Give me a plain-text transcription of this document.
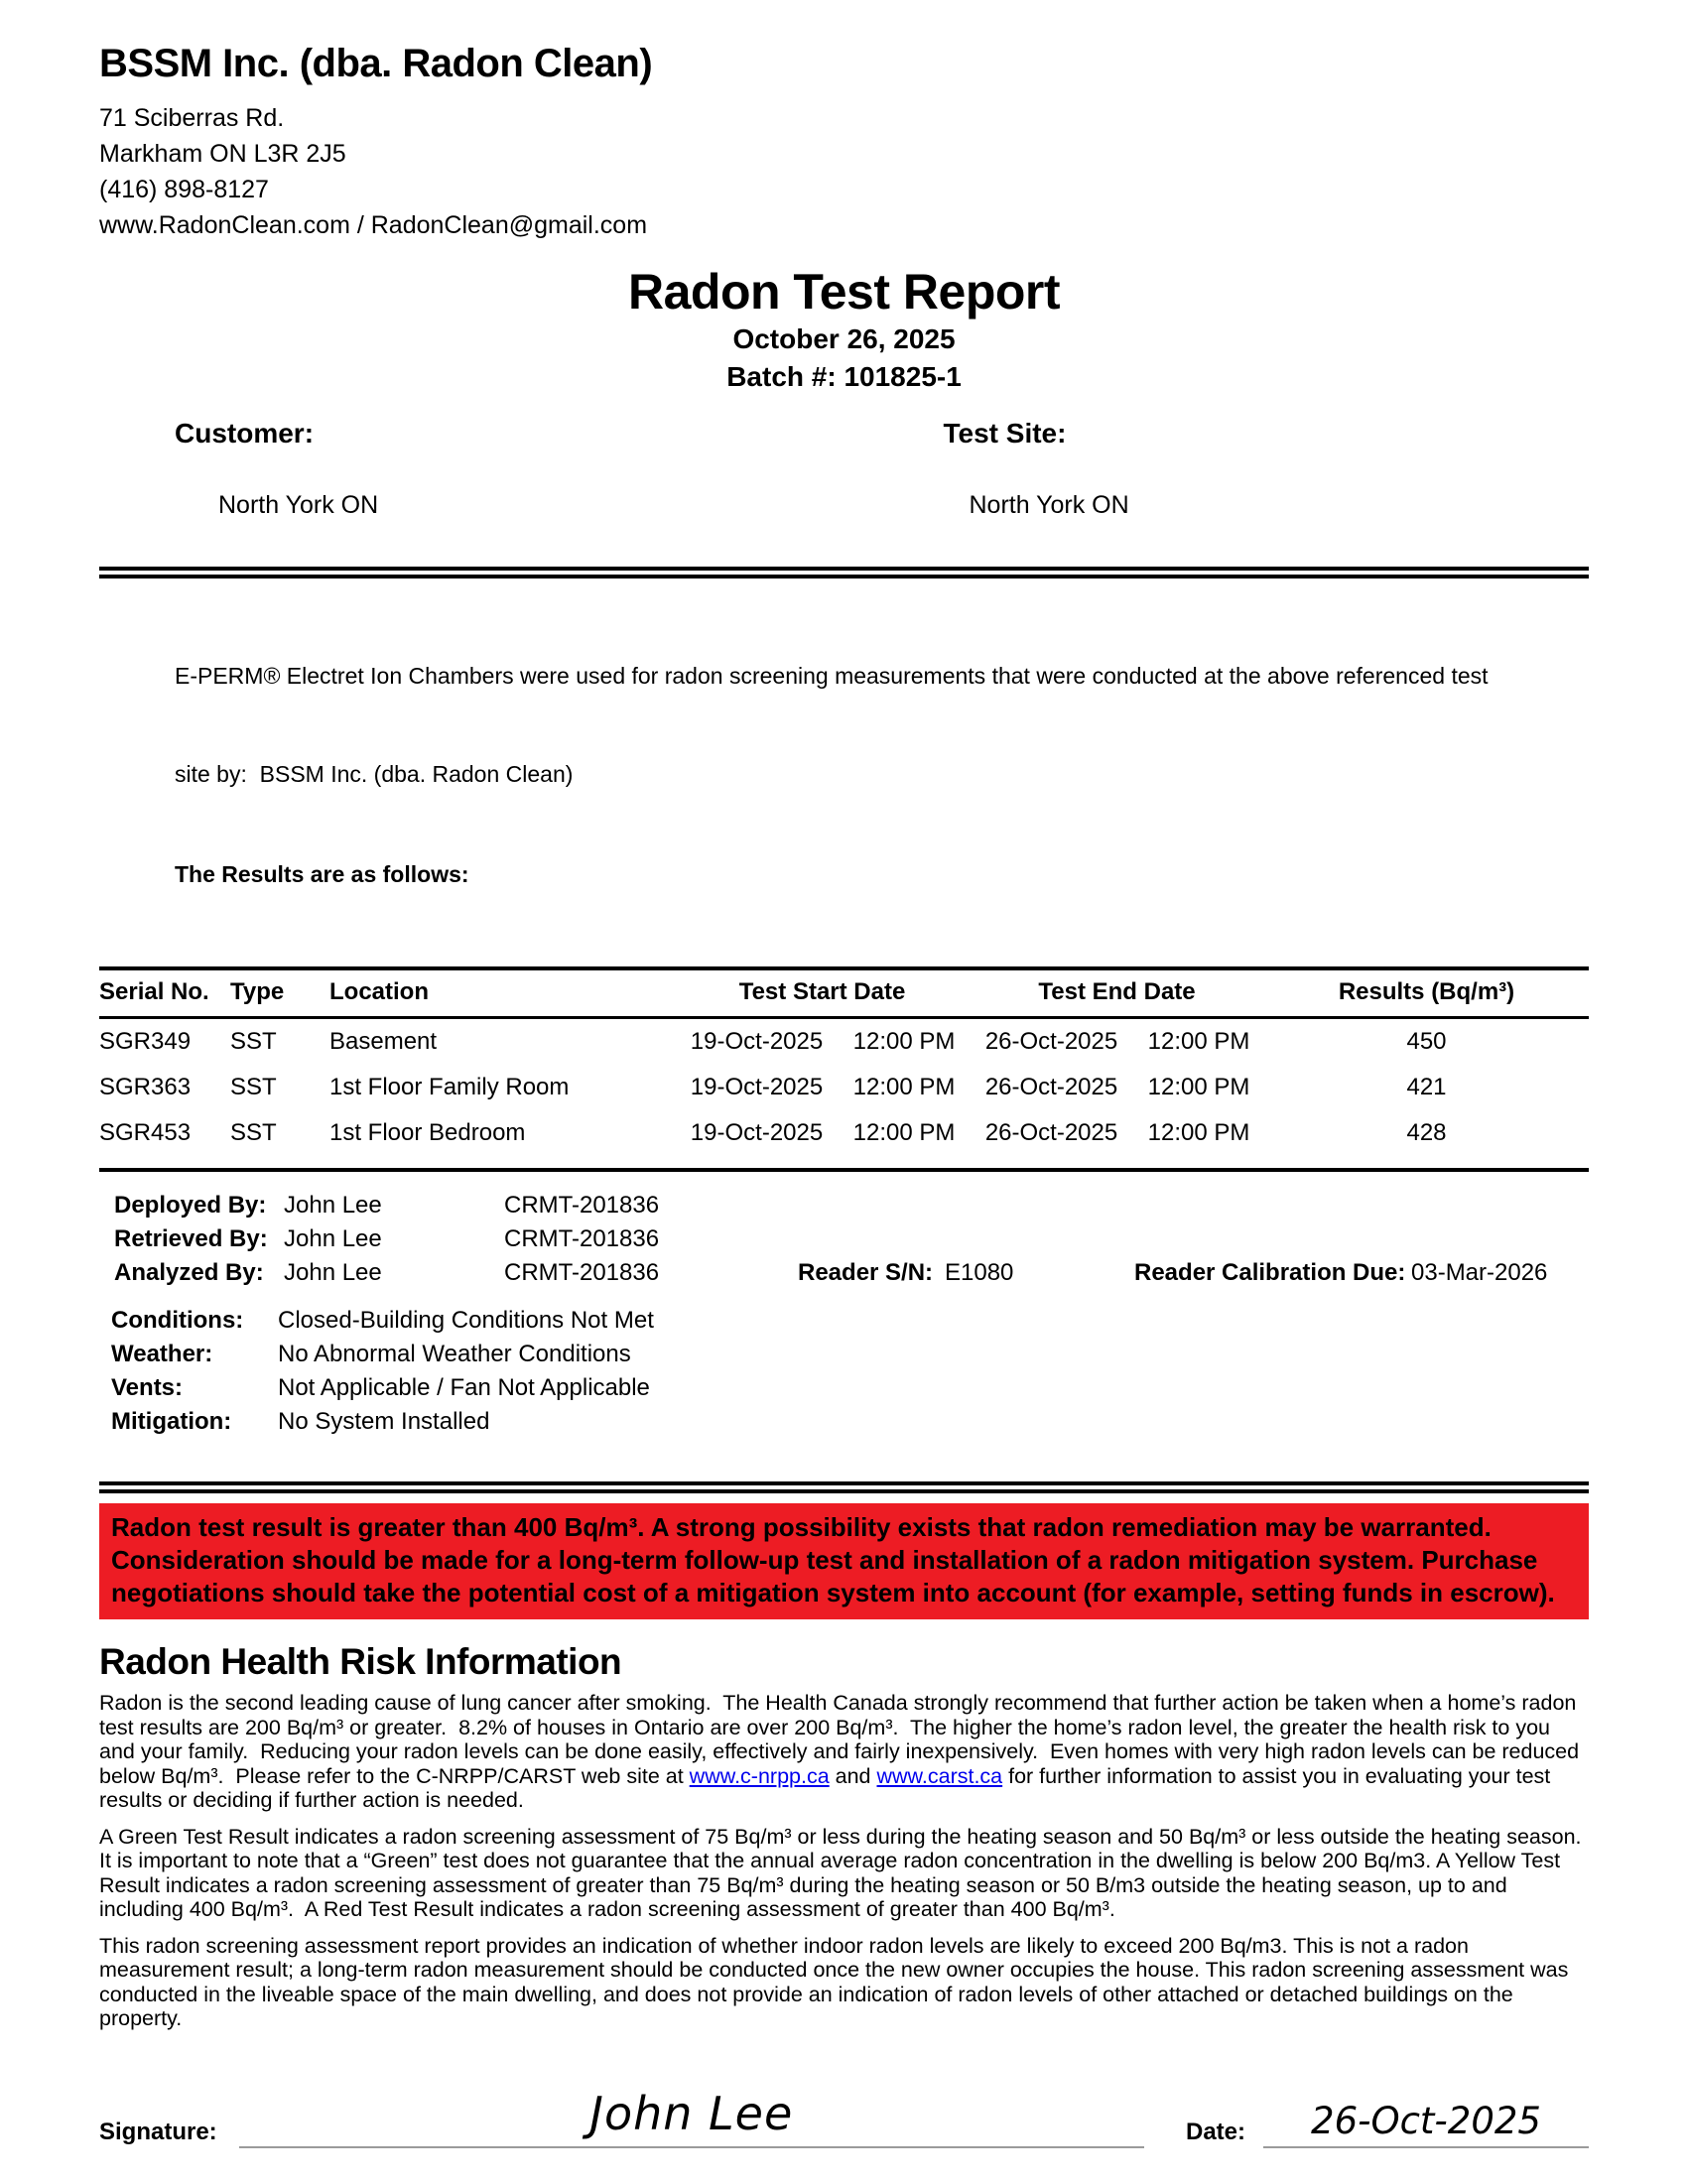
BSSM Inc. (dba. Radon Clean)
71 Sciberras Rd.
Markham ON L3R 2J5
(416) 898-8127
www.RadonClean.com / RadonClean@gmail.com
Radon Test Report
October 26, 2025
Batch #: 101825-1
Customer:
North York ON
Test Site:
North York ON

E-PERM® Electret Ion Chambers were used for radon screening measurements that were conducted at the above referenced test

site by:  BSSM Inc. (dba. Radon Clean)

The Results are as follows:

Serial No.	Type	Location	Test Start Date		Test End Date		Results (Bq/m³)
SGR349	SST	Basement	19-Oct-2025	12:00 PM	26-Oct-2025	12:00 PM	450
SGR363	SST	1st Floor Family Room	19-Oct-2025	12:00 PM	26-Oct-2025	12:00 PM	421
SGR453	SST	1st Floor Bedroom	19-Oct-2025	12:00 PM	26-Oct-2025	12:00 PM	428
Deployed By: John Lee	CRMT-201836
Retrieved By: John Lee	CRMT-201836
Analyzed By: John Lee	CRMT-201836	Reader S/N: E1080	Reader Calibration Due: 03-Mar-2026
Conditions: Closed-Building Conditions Not Met
Weather:	No Abnormal Weather Conditions
Vents:	Not Applicable / Fan Not Applicable
Mitigation: No System Installed
Radon test result is greater than 400 Bq/m³. A strong possibility exists that radon remediation may be warranted. Consideration should be made for a long-term follow-up test and installation of a radon mitigation system. Purchase negotiations should take the potential cost of a mitigation system into account (for example, setting funds in escrow).
Radon Health Risk Information

Radon is the second leading cause of lung cancer after smoking.  The Health Canada strongly recommend that further action be taken when a home’s radon test results are 200 Bq/m³ or greater.  8.2% of houses in Ontario are over 200 Bq/m³.  The higher the home’s radon level, the greater the health risk to you and your family.  Reducing your radon levels can be done easily, effectively and fairly inexpensively.  Even homes with very high radon levels can be reduced below Bq/m³.  Please refer to the C-NRPP/CARST web site at www.c-nrpp.ca and www.carst.ca for further information to assist you in evaluating your test results or deciding if further action is needed.

A Green Test Result indicates a radon screening assessment of 75 Bq/m³ or less during the heating season and 50 Bq/m³ or less outside the heating season. It is important to note that a “Green” test does not guarantee that the annual average radon concentration in the dwelling is below 200 Bq/m3. A Yellow Test Result indicates a radon screening assessment of greater than 75 Bq/m³ during the heating season or 50 B/m3 outside the heating season, up to and including 400 Bq/m³.  A Red Test Result indicates a radon screening assessment of greater than 400 Bq/m³.

This radon screening assessment report provides an indication of whether indoor radon levels are likely to exceed 200 Bq/m3. This is not a radon measurement result; a long-term radon measurement should be conducted once the new owner occupies the house. This radon screening assessment was conducted in the liveable space of the main dwelling, and does not provide an indication of radon levels of other attached or detached buildings on the property.

Signature:	John Lee	Date:	26-Oct-2025
